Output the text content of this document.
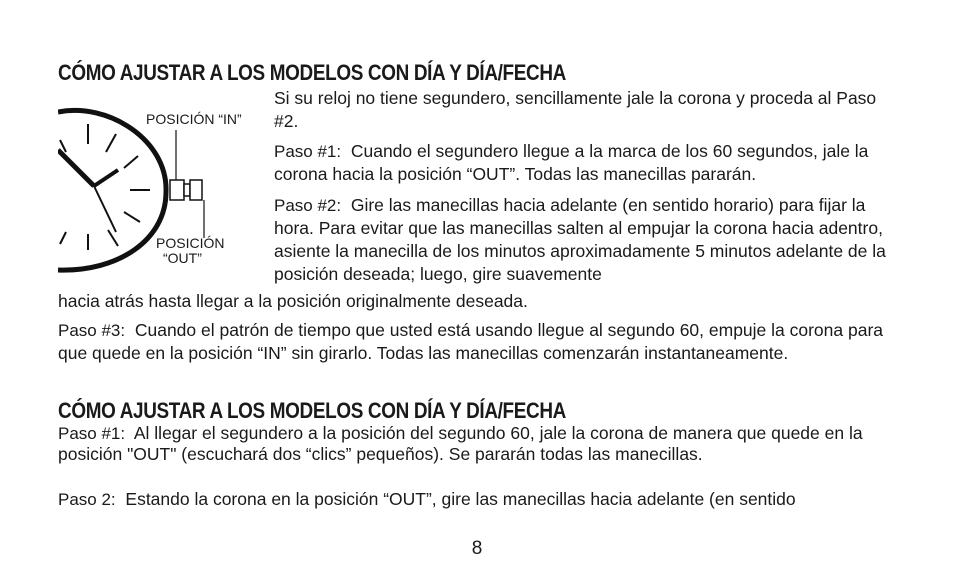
CÓMO AJUSTAR A LOS MODELOS CON DÍA Y DÍA/FECHA
POSICIÓN “IN”
POSICIÓN
“OUT”

Si su reloj no tiene segundero, sencillamente jale la corona y proceda al Paso #2.

Paso #1: Cuando el segundero llegue a la marca de los 60 segundos, jale la corona hacia la posición “OUT”. Todas las manecillas pararán.

Paso #2: Gire las manecillas hacia adelante (en sentido horario) para fijar la hora. Para evitar que las manecillas salten al empujar la corona hacia adentro, asiente la manecilla de los minutos aproximadamente 5 minutos adelante de la posición deseada; luego, gire suavemente

hacia atrás hasta llegar a la posición originalmente deseada.

Paso #3: Cuando el patrón de tiempo que usted está usando llegue al segundo 60, empuje la corona para que quede en la posición “IN” sin girarlo. Todas las manecillas comenzarán instantaneamente.

CÓMO AJUSTAR A LOS MODELOS CON DÍA Y DÍA/FECHA

Paso #1: Al llegar el segundero a la posición del segundo 60, jale la corona de manera que quede en la posición "OUT" (escuchará dos “clics” pequeños). Se pararán todas las manecillas.

Paso 2: Estando la corona en la posición “OUT”, gire las manecillas hacia adelante (en sentido

8
